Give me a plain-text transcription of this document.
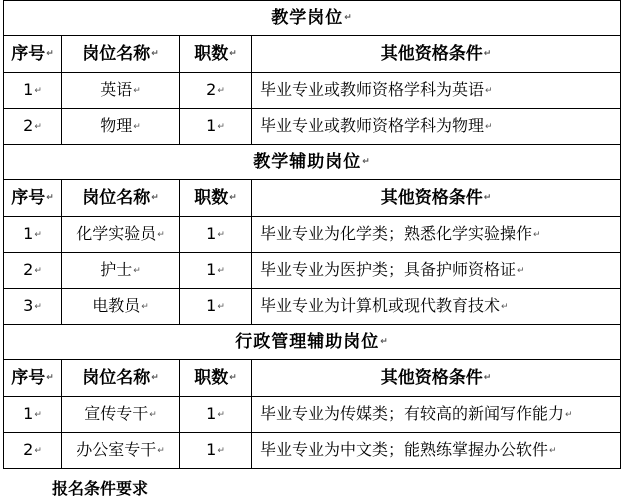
教学岗位↵			
序号↵	岗位名称↵	职数↵	其他资格条件↵
1↵	英语↵	2↵	毕业专业或教师资格学科为英语↵
2↵	物理↵	1↵	毕业专业或教师资格学科为物理↵
教学辅助岗位↵			
序号↵	岗位名称↵	职数↵	其他资格条件↵
1↵	化学实验员↵	1↵	毕业专业为化学类；熟悉化学实验操作↵
2↵	护士↵	1↵	毕业专业为医护类；具备护师资格证↵
3↵	电教员↵	1↵	毕业专业为计算机或现代教育技术↵
行政管理辅助岗位↵			
序号↵	岗位名称↵	职数↵	其他资格条件↵
1↵	宣传专干↵	1↵	毕业专业为传媒类；有较高的新闻写作能力↵
2↵	办公室专干↵	1↵	毕业专业为中文类；能熟练掌握办公软件↵
报名条件要求
